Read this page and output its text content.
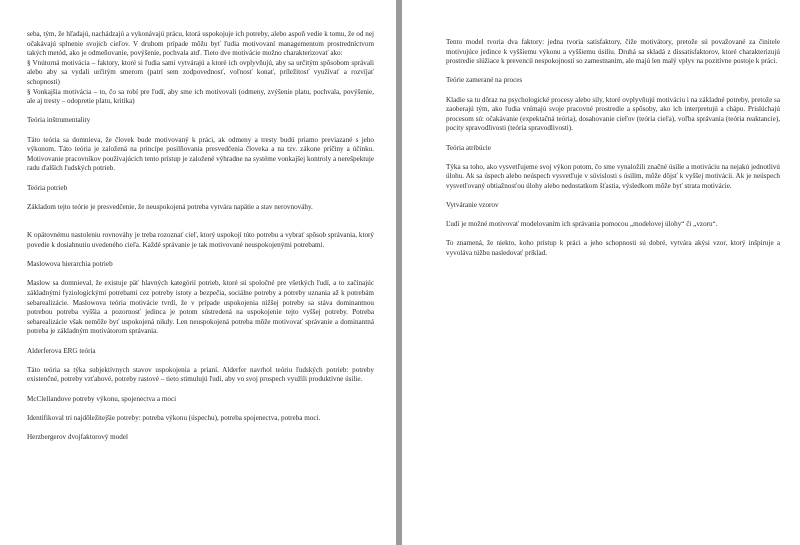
seba, tým, že hľadajú, nachádzajú a vykonávajú prácu, ktorá uspokojuje ich potreby, alebo aspoň vedie k tomu, že od nej očakávajú splnenie svojich cieľov. V druhom prípade môžu byť ľudia motivovaní managementom prostredníctvom takých metód, ako je odmeňovanie, povýšenie, pochvala atď. Tieto dve motivácie možno charakterizovať ako:

§ Vnútorná motivácia – faktory, ktoré si ľudia sami vytvárajú a ktoré ich ovplyvňujú, aby sa určitým spôsobom správali alebo aby sa vydali určitým smerom (patrí sem zodpovednosť, voľnosť konať, príležitosť využívať a rozvíjať schopnosti)

§ Vonkajšia motivácia – to, čo sa robí pre ľudí, aby sme ich motivovali (odmeny, zvýšenie platu, pochvala, povýšenie, ale aj tresty – odopretie platu, kritika)

Teória inštrumentality

Táto teória sa domnieva, že človek bude motivovaný k práci, ak odmeny a tresty budú priamo previazané s jeho výkonom. Táto teória je založená na princípe posilňovania presvedčenia človeka a na tzv. zákone príčiny a účinku. Motivovanie pracovníkov používajúcich tento prístup je založené výhradne na systéme vonkajšej kontroly a nerešpektuje radu ďalších ľudských potrieb.

Teória potrieb

Základom tejto teórie je presvedčenie, že neuspokojená potreba vytvára napätie a stav nerovnováhy.

K opätovnému nastoleniu rovnováhy je treba rozoznať cieľ, ktorý uspokojí túto potrebu a vybrať spôsob správania, ktorý povedie k dosiahnutiu uvedeného cieľa. Každé správanie je tak motivované neuspokojenými potrebami.

Maslowova hierarchia potrieb

Maslow sa domnieval, že existuje päť hlavných kategórií potrieb, ktoré sú spoločné pre všetkých ľudí, a to začínajúc základnými fyziologickými potrebami cez potreby istoty a bezpečia, sociálne potreby a potreby uznania až k potrebám sebarealizácie. Maslowova teória motivácie tvrdí, že v prípade uspokojenia nižšej potreby sa stáva dominantnou potrebou potreba vyššia a pozornosť jedinca je potom sústredená na uspokojenie tejto vyššej potreby. Potreba sebarealizácie však nemôže byť uspokojená nikdy. Len neuspokojená potreba môže motivovať správanie a dominantná potreba je základným motivátorom správania.

Alderferova ERG teória

Táto teória sa týka subjektívnych stavov uspokojenia a prianí. Alderfer navrhol teóriu ľudských potrieb: potreby existenčné, potreby vzťahové, potreby rastové – tieto stimulujú ľudí, aby vo svoj prospech využili produktívne úsilie.

McClellandove potreby výkonu, spojenectva a moci

Identifikoval tri najdôležitejšie potreby: potreba výkonu (úspechu), potreba spojenectva, potreba moci.

Herzbergerov dvojfaktorový model

Tento model tvoria dva faktory: jedna tvoria satisfaktory, čiže motivátory, pretože sú považované za činitele motivujúce jedince k vyššiemu výkonu a vyššiemu úsiliu. Druhá sa skladá z dissatisfaktorov, ktoré charakterizujú prostredie slúžiace k prevencii nespokojnosti so zamestnaním, ale majú len malý vplyv na pozitívne postoje k práci.

Teórie zamerané na proces

Kladie sa tu dôraz na psychologické procesy alebo sily, ktoré ovplyvňujú motiváciu i na základné potreby, pretože sa zaoberajú tým, ako ľudia vnímajú svoje pracovné prostredie a spôsoby, ako ich interpretujú a chápu. Prislúchajú procesom sú: očakávanie (expektačná teória), dosahovanie cieľov (teória cieľa), voľba správania (teória reaktancie), pocity spravodlivosti (teória spravodlivosti).

Teória atribúcie

Týka sa toho, ako vysvetľujeme svoj výkon potom, čo sme vynaložili značné úsilie a motiváciu na nejakú jednotlivú úlohu. Ak sa úspech alebo neúspech vysvetľuje v súvislosti s úsilím, môže dôjsť k vyššej motivácii. Ak je neúspech vysvetľovaný obtiažnosťou úlohy alebo nedostatkom šťastia, výsledkom môže byť strata motivácie.

Vytváranie vzorov

Ľudí je možné motivovať modelovaním ich správania pomocou „modelovej úlohy“ či „vzoru“.

To znamená, že niekto, koho prístup k práci a jeho schopnosti sú dobré, vytvára akýsi vzor, ktorý inšpiruje a vyvoláva túžbu nasledovať príklad.
